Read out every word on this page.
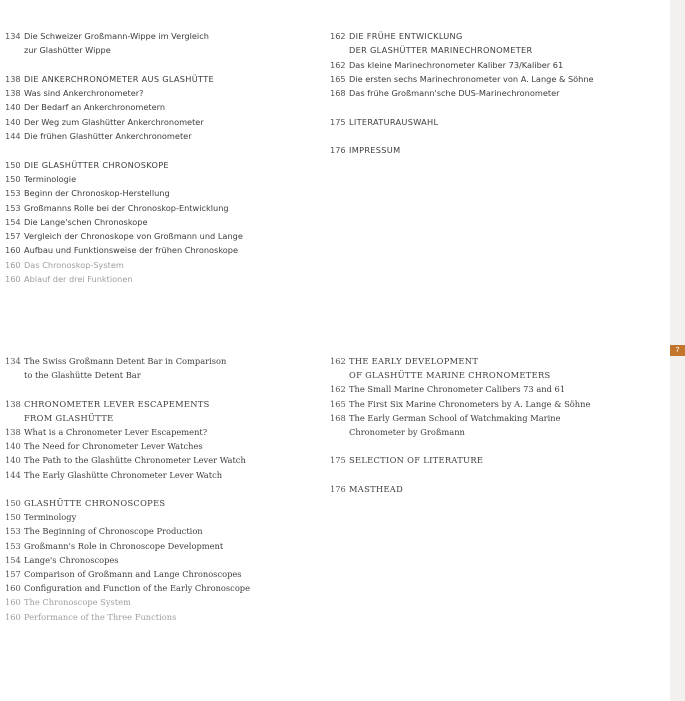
7
134 Die Schweizer Großmann-Wippe im Vergleich
zur Glashütter Wippe
138 DIE ANKERCHRONOMETER AUS GLASHÜTTE
138 Was sind Ankerchronometer?
140 Der Bedarf an Ankerchronometern
140 Der Weg zum Glashütter Ankerchronometer
144 Die frühen Glashütter Ankerchronometer
150 DIE GLASHÜTTER CHRONOSKOPE
150 Terminologie
153 Beginn der Chronoskop-Herstellung
153 Großmanns Rolle bei der Chronoskop-Entwicklung
154 Die Lange'schen Chronoskope
157 Vergleich der Chronoskope von Großmann und Lange
160 Aufbau und Funktionsweise der frühen Chronoskope
160 Das Chronoskop-System
160 Ablauf der drei Funktionen
162 DIE FRÜHE ENTWICKLUNG
DER GLASHÜTTER MARINECHRONOMETER
162 Das kleine Marinechronometer Kaliber 73/Kaliber 61
165 Die ersten sechs Marinechronometer von A. Lange & Söhne
168 Das frühe Großmann'sche DUS-Marinechronometer
175 LITERATURAUSWAHL
176 IMPRESSUM
134 The Swiss Großmann Detent Bar in Comparison
to the Glashütte Detent Bar
138 CHRONOMETER LEVER ESCAPEMENTS
FROM GLASHÜTTE
138 What is a Chronometer Lever Escapement?
140 The Need for Chronometer Lever Watches
140 The Path to the Glashütte Chronometer Lever Watch
144 The Early Glashütte Chronometer Lever Watch
150 GLASHÜTTE CHRONOSCOPES
150 Terminology
153 The Beginning of Chronoscope Production
153 Großmann's Role in Chronoscope Development
154 Lange's Chronoscopes
157 Comparison of Großmann and Lange Chronoscopes
160 Configuration and Function of the Early Chronoscope
160 The Chronoscope System
160 Performance of the Three Functions
162 THE EARLY DEVELOPMENT
OF GLASHÜTTE MARINE CHRONOMETERS
162 The Small Marine Chronometer Calibers 73 and 61
165 The First Six Marine Chronometers by A. Lange & Söhne
168 The Early German School of Watchmaking Marine
Chronometer by Großmann
175 SELECTION OF LITERATURE
176 MASTHEAD
